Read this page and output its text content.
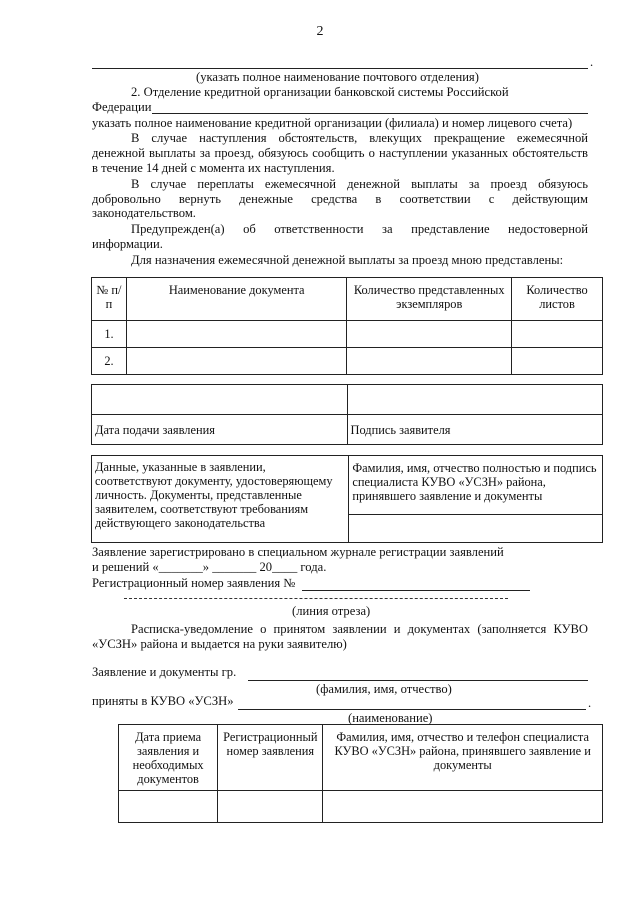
2
.
(указать полное наименование почтового отделения)
2. Отделение кредитной организации банковской системы Российской
Федерации
указать полное наименование кредитной организации (филиала) и номер лицевого счета)
В случае наступления обстоятельств, влекущих прекращение ежемесячной
денежной выплаты за проезд, обязуюсь сообщить о наступлении указанных обстоятельств
в течение 14 дней с момента их наступления.
В случае переплаты ежемесячной денежной выплаты за проезд обязуюсь
добровольно вернуть денежные средства в соответствии с действующим
законодательством.
Предупрежден(а) об ответственности за представление недостоверной
информации.
Для назначения ежемесячной денежной выплаты за проезд мною представлены:
№ п/п	Наименование документа	Количество представленных экземпляров	Количество листов
1.			
2.			

Дата подачи заявления	Подпись заявителя
Данные, указанные в заявлении, соответствуют документу, удостоверяющему личность. Документы, представленные заявителем, соответствуют требованиям действующего законодательства	Фамилия, имя, отчество полностью и подпись специалиста КУВО «УСЗН» района, принявшего заявление и документы

Заявление зарегистрировано в специальном журнале регистрации заявлений
и решений «_______» _______ 20____ года.
Регистрационный номер заявления №
(линия отреза)
Расписка-уведомление о принятом заявлении и документах (заполняется КУВО
«УСЗН» района и выдается на руки заявителю)
Заявление и документы гр.
(фамилия, имя, отчество)
приняты в КУВО «УСЗН»	.
(наименование)
Дата приема заявления и необходимых документов	Регистрационный номер заявления	Фамилия, имя, отчество и телефон специалиста КУВО «УСЗН» района, принявшего заявление и документы
